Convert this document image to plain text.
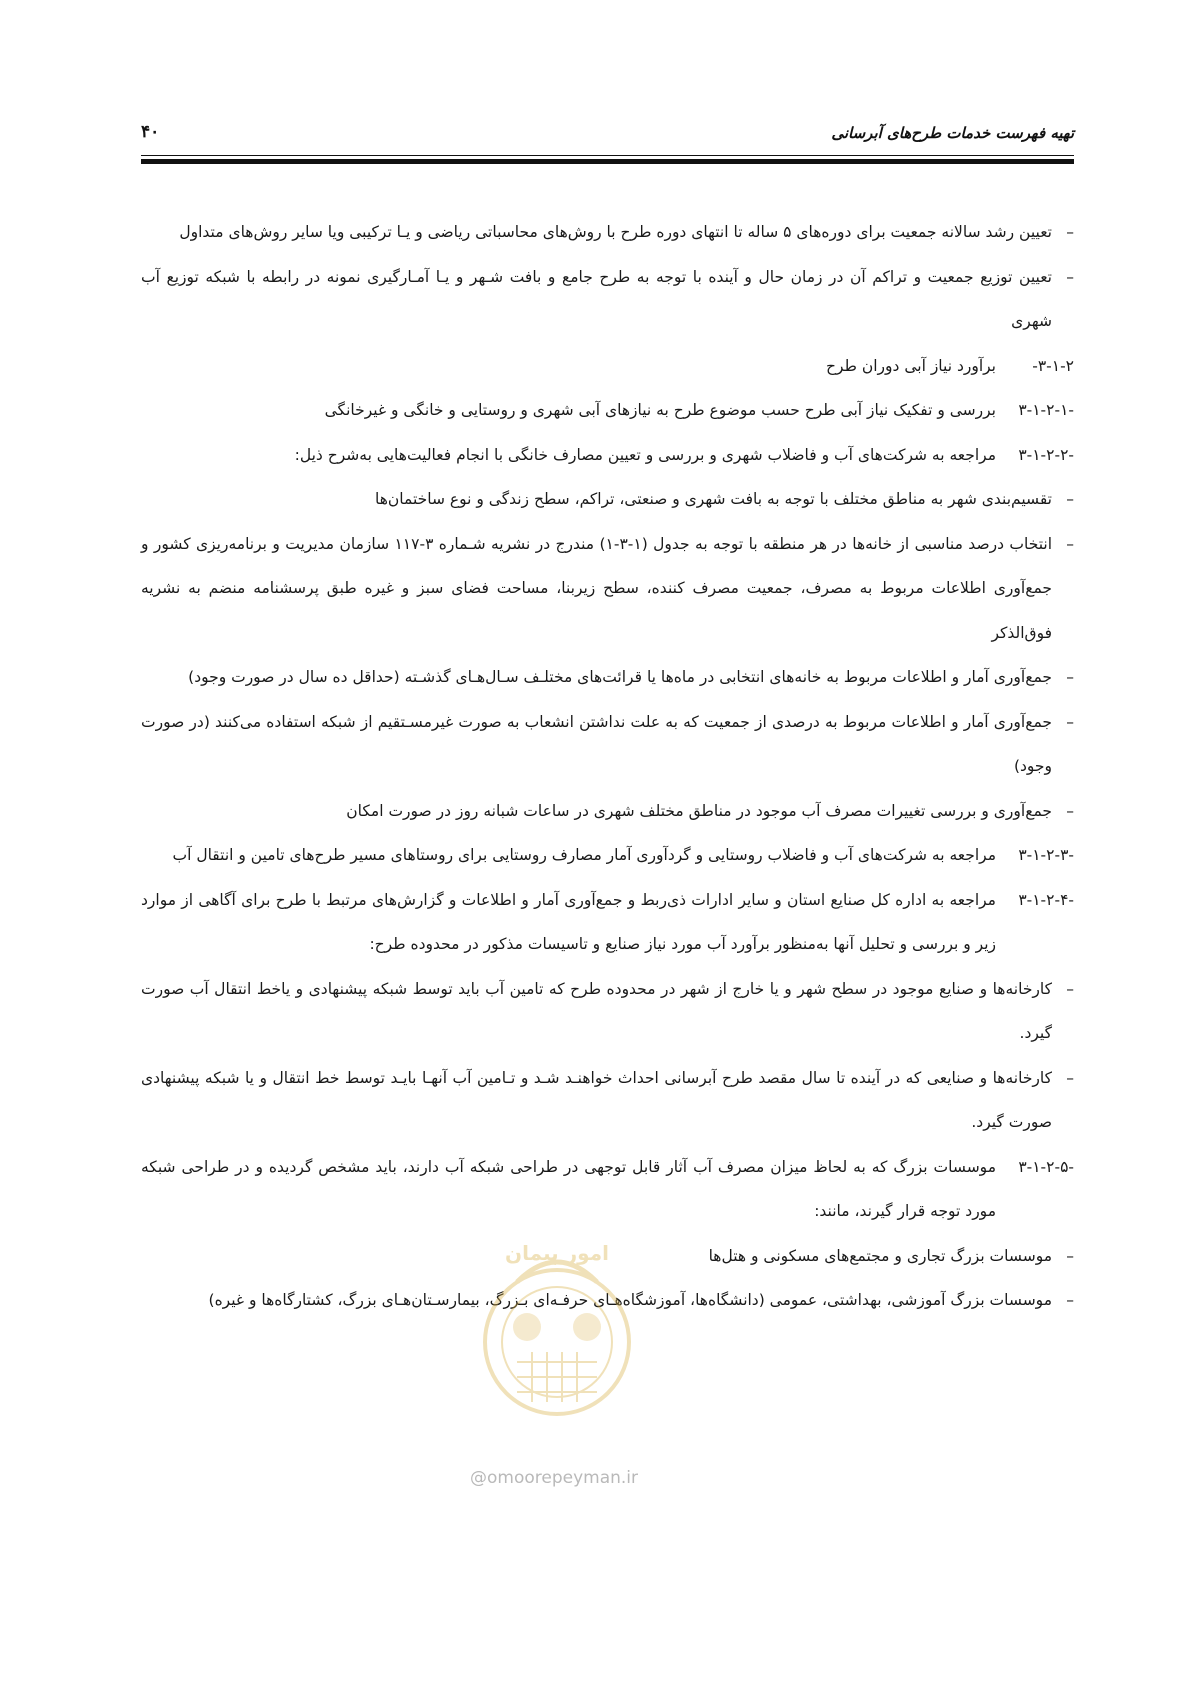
تهیه فهرست خدمات طرح‌های آبرسانی
۴۰
–
تعیین رشد سالانه جمعیت برای دوره‌های ۵ ساله تا انتهای دوره طرح با روش‌های محاسباتی ریاضی و یـا ترکیبی ویا سایر روش‌های متداول
–
تعیین توزیع جمعیت و تراکم آن در زمان حال و آینده با توجه به طرح جامع و بافت شـهر و یـا آمـارگیری نمونه در رابطه با شبکه توزیع آب شهری
۳-۱-۲-
برآورد نیاز آبی دوران طرح
۳-۱-۲-۱-
بررسی و تفکیک نیاز آبی طرح حسب موضوع طرح به نیازهای آبی شهری و روستایی و خانگی و غیرخانگی
۳-۱-۲-۲-
مراجعه به شرکت‌های آب و فاضلاب شهری و بررسی و تعیین مصارف خانگی با انجام فعالیت‌هایی به‌شرح ذیل:
–
تقسیم‌بندی شهر به مناطق مختلف با توجه به بافت شهری و صنعتی، تراکم، سطح زندگی و نوع ساختمان‌ها
–
انتخاب درصد مناسبی از خانه‌ها در هر منطقه با توجه به جدول (۱-۳-۱) مندرج در نشریه شـماره ۳-۱۱۷ سازمان مدیریت و برنامه‌ریزی کشور و جمع‌آوری اطلاعات مربوط به مصرف، جمعیت مصرف کننده، سطح زیربنا، مساحت فضای سبز و غیره طبق پرسشنامه منضم به نشریه فوق‌الذکر
–
جمع‌آوری آمار و اطلاعات مربوط به خانه‌های انتخابی در ماه‌ها یا قرائت‌های مختلـف سـال‌هـای گذشـته (حداقل ده سال در صورت وجود)
–
جمع‌آوری آمار و اطلاعات مربوط به درصدی از جمعیت که به علت نداشتن انشعاب به صورت غیرمسـتقیم از شبکه استفاده می‌کنند (در صورت وجود)
–
جمع‌آوری و بررسی تغییرات مصرف آب موجود در مناطق مختلف شهری در ساعات شبانه روز در صورت امکان
۳-۱-۲-۳-
مراجعه به شرکت‌های آب و فاضلاب روستایی و گردآوری آمار مصارف روستایی برای روستاهای مسیر طرح‌های تامین و انتقال آب
۳-۱-۲-۴-
مراجعه به اداره کل صنایع استان و سایر ادارات ذی‌ربط و جمع‌آوری آمار و اطلاعات و گزارش‌های مرتبط با طرح برای آگاهی از موارد زیر و بررسی و تحلیل آنها به‌منظور برآورد آب مورد نیاز صنایع و تاسیسات مذکور در محدوده طرح:
–
کارخانه‌ها و صنایع موجود در سطح شهر و یا خارج از شهر در محدوده طرح که تامین آب باید توسط شبکه پیشنهادی و یاخط انتقال آب صورت گیرد.
–
کارخانه‌ها و صنایعی که در آینده تا سال مقصد طرح آبرسانی احداث خواهنـد شـد و تـامین آب آنهـا بایـد توسط خط انتقال و یا شبکه پیشنهادی صورت گیرد.
۳-۱-۲-۵-
موسسات بزرگ که به لحاظ میزان مصرف آب آثار قابل توجهی در طراحی شبکه آب دارند، باید مشخص گردیده و در طراحی شبکه مورد توجه قرار گیرند، مانند:
–
موسسات بزرگ تجاری و مجتمع‌های مسکونی و هتل‌ها
–
موسسات بزرگ آموزشی، بهداشتی، عمومی (دانشگاه‌ها، آموزشگاه‌هـای حرفـه‌ای بـزرگ، بیمارسـتان‌هـای بزرگ، کشتارگاه‌ها و غیره)
امور پیمان
@omoorepeyman.ir
